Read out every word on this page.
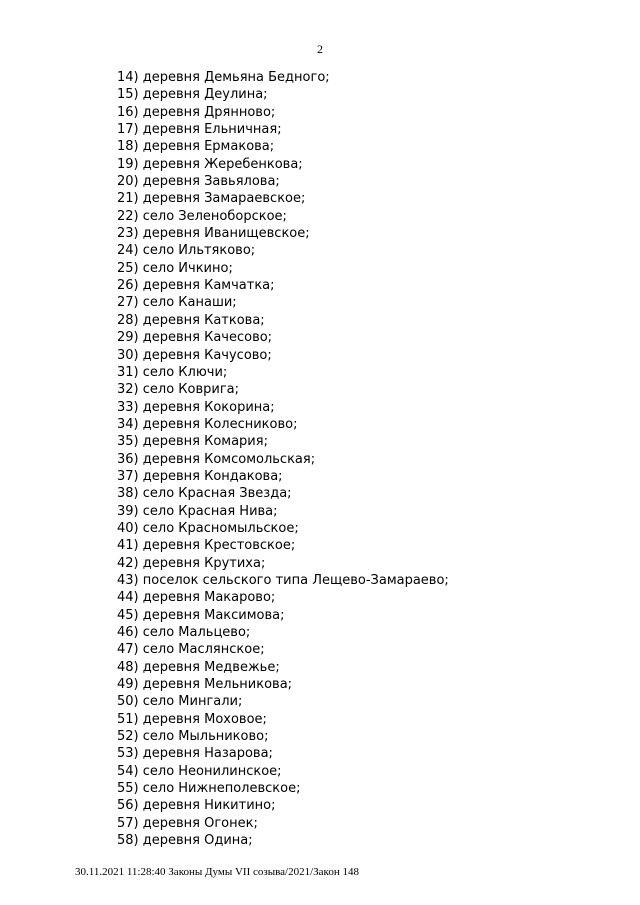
2
14) деревня Демьяна Бедного;
15) деревня Деулина;
16) деревня Дрянново;
17) деревня Ельничная;
18) деревня Ермакова;
19) деревня Жеребенкова;
20) деревня Завьялова;
21) деревня Замараевское;
22) село Зеленоборское;
23) деревня Иванищевское;
24) село Ильтяково;
25) село Ичкино;
26) деревня Камчатка;
27) село Канаши;
28) деревня Каткова;
29) деревня Качесово;
30) деревня Качусово;
31) село Ключи;
32) село Ковригa;
33) деревня Кокорина;
34) деревня Колесниково;
35) деревня Комария;
36) деревня Комсомольская;
37) деревня Кондакова;
38) село Красная Звезда;
39) село Красная Нива;
40) село Красномыльское;
41) деревня Крестовское;
42) деревня Крутиха;
43) поселок сельского типа Лещево-Замараево;
44) деревня Макарово;
45) деревня Максимова;
46) село Мальцево;
47) село Маслянское;
48) деревня Медвежье;
49) деревня Мельникова;
50) село Мингали;
51) деревня Моховое;
52) село Мыльниково;
53) деревня Назарова;
54) село Неонилинское;
55) село Нижнеполевское;
56) деревня Никитино;
57) деревня Огонек;
58) деревня Одина;
30.11.2021 11:28:40 Законы Думы VII созыва/2021/Закон 148
